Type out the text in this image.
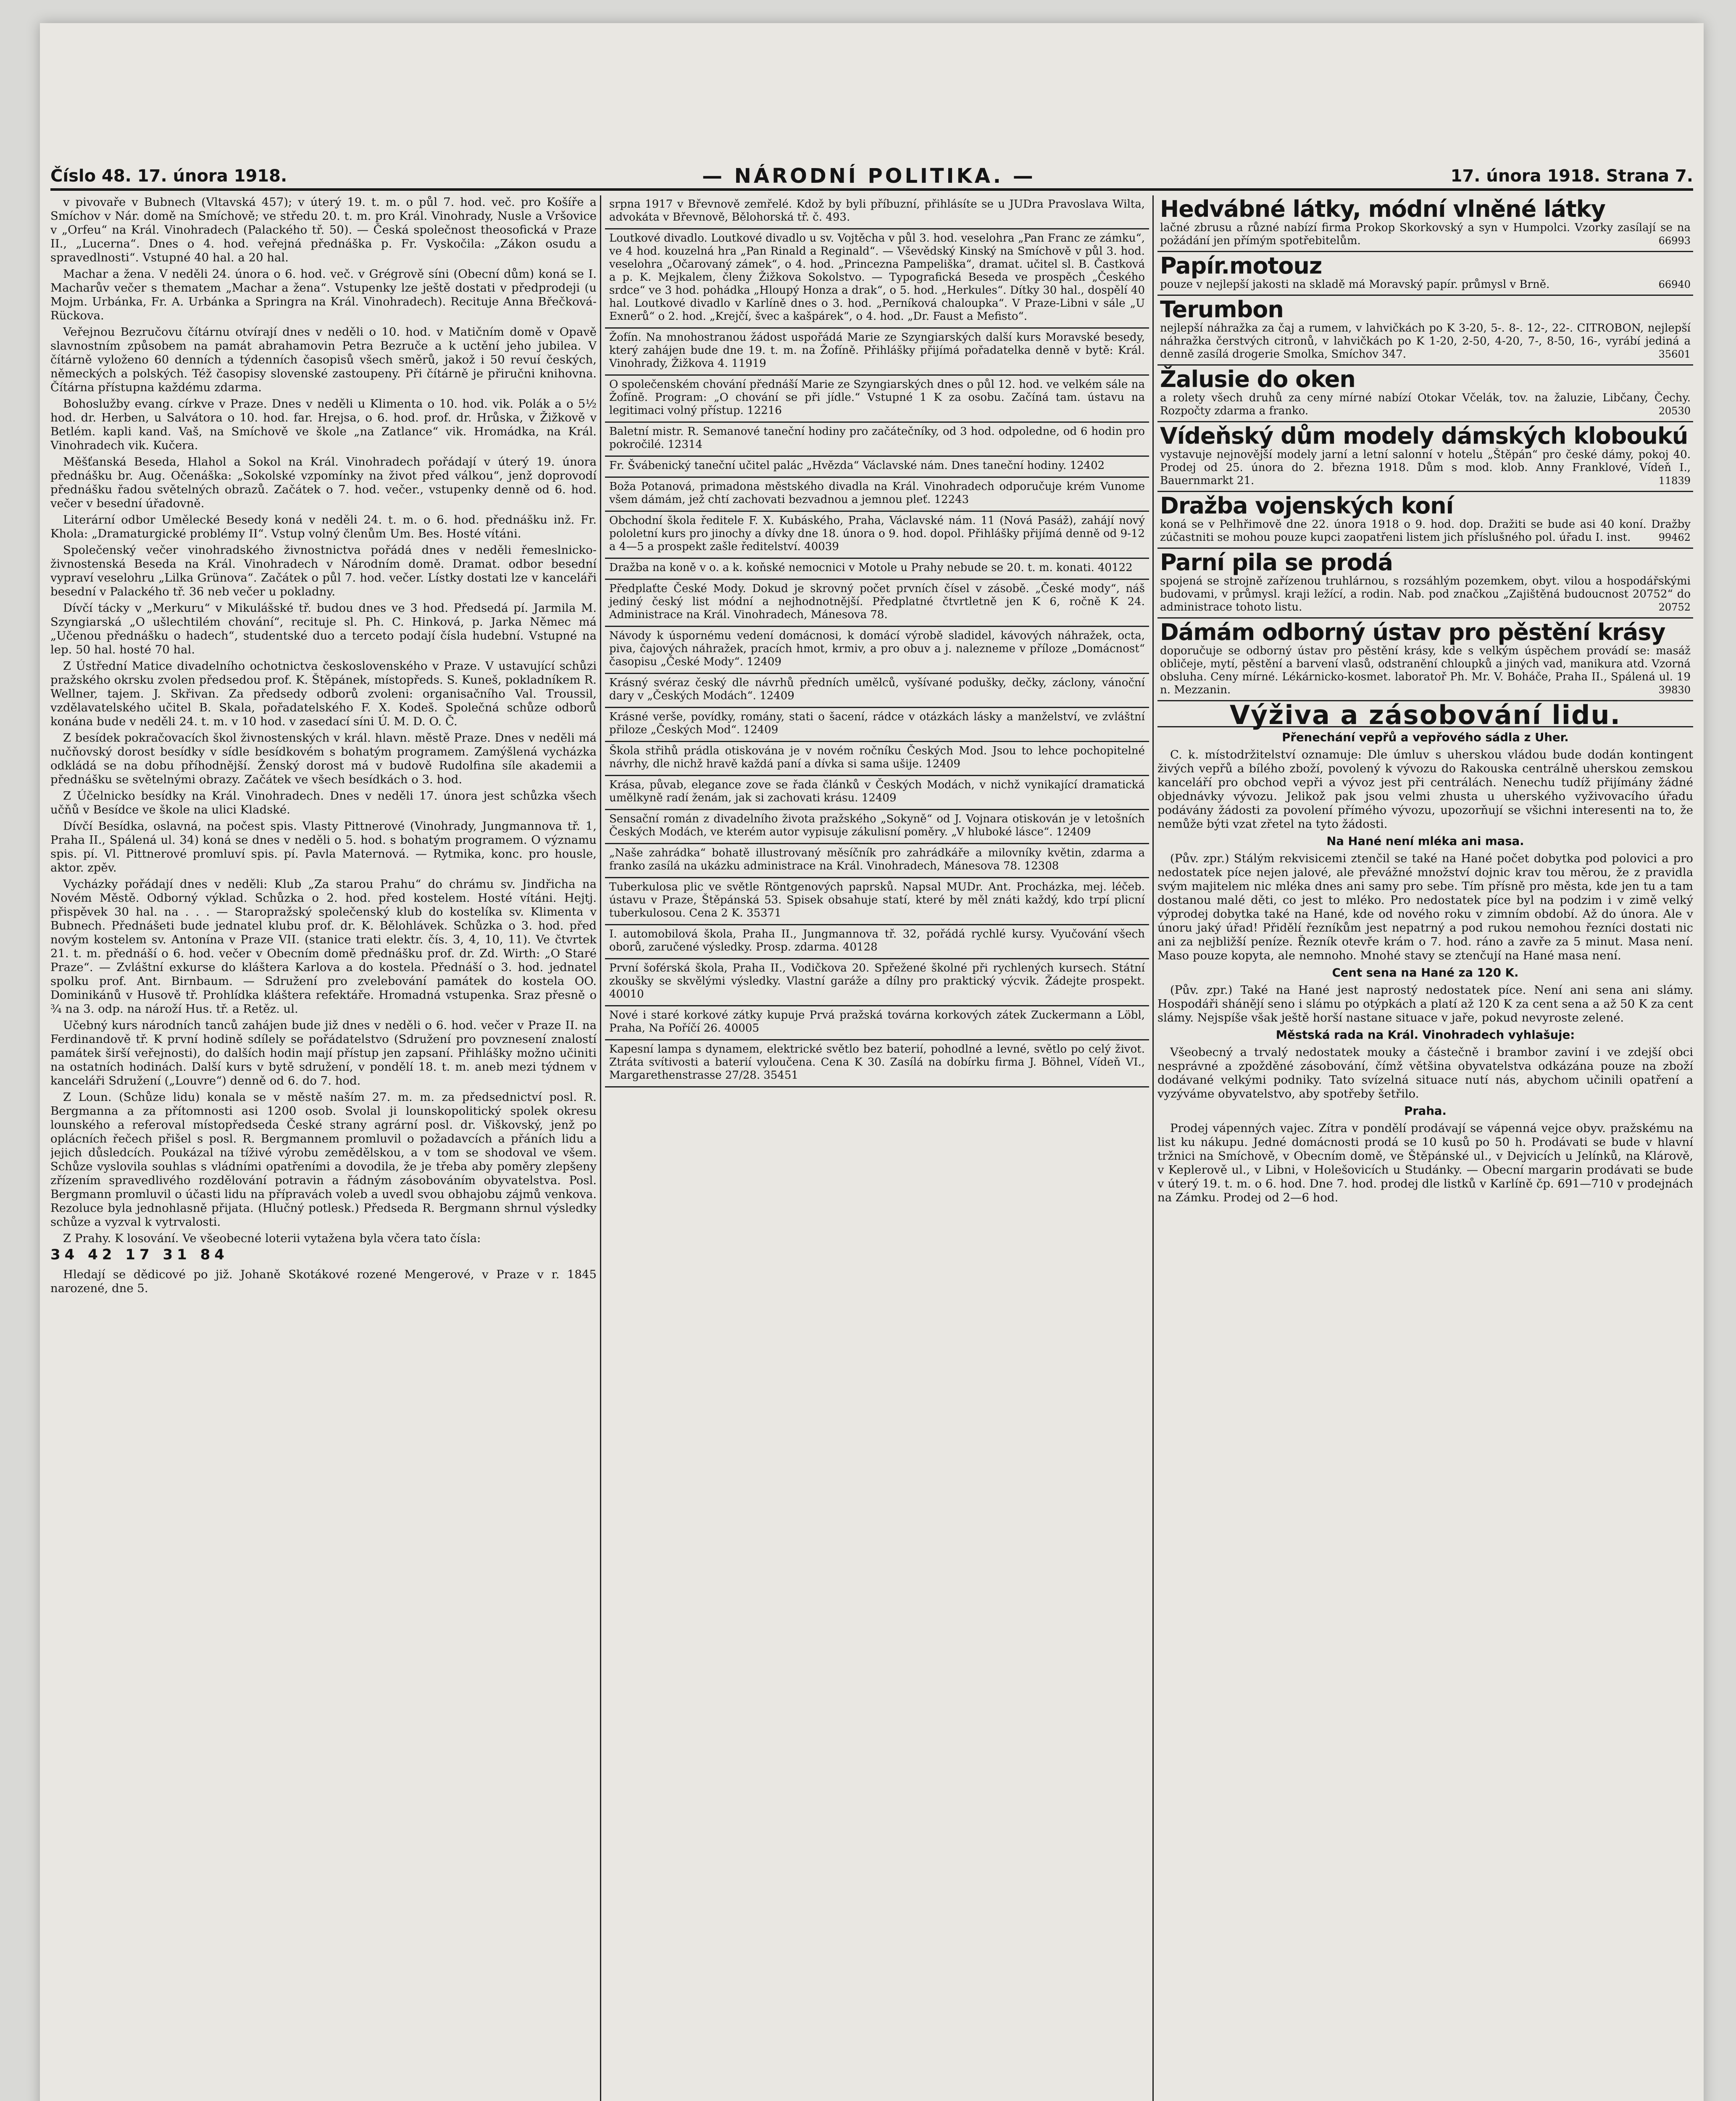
Číslo 48. 17. února 1918.	— NÁRODNÍ POLITIKA. —	17. února 1918. Strana 7.

v pivovaře v Bubnech (Vltavská 457); v úterý 19. t. m. o půl 7. hod. več. pro Košíře a Smíchov v Nár. domě na Smíchově; ve středu 20. t. m. pro Král. Vinohrady, Nusle a Vršovice v „Orfeu“ na Král. Vinohradech (Palackého tř. 50). — Česká společnost theosofická v Praze II., „Lucerna“. Dnes o 4. hod. veřejná přednáška p. Fr. Vyskočila: „Zákon osudu a spravedlnosti“. Vstupné 40 hal. a 20 hal.

Machar a žena. V neděli 24. února o 6. hod. več. v Grégrově síni (Obecní dům) koná se I. Macharův večer s thematem „Machar a žena“. Vstupenky lze ještě dostati v předprodeji (u Mojm. Urbánka, Fr. A. Urbánka a Springra na Král. Vinohradech). Recituje Anna Břečková-Rückova.

Veřejnou Bezručovu čítárnu otvírají dnes v neděli o 10. hod. v Matičním domě v Opavě slavnostním způsobem na památ abrahamovin Petra Bezruče a k uctění jeho jubilea. V čítárně vyloženo 60 denních a týdenních časopisů všech směrů, jakož i 50 revuí českých, německých a polských. Též časopisy slovenské zastoupeny. Při čítárně je přiručni knihovna. Čítárna přístupna každému zdarma.

Bohoslužby evang. církve v Praze. Dnes v neděli u Klimenta o 10. hod. vik. Polák a o 5½ hod. dr. Herben, u Salvátora o 10. hod. far. Hrejsa, o 6. hod. prof. dr. Hrůska, v Žižkově v Betlém. kapli kand. Vaš, na Smíchově ve škole „na Zatlance“ vik. Hromádka, na Král. Vinohradech vik. Kučera.

Měšťanská Beseda, Hlahol a Sokol na Král. Vinohradech pořádají v úterý 19. února přednášku br. Aug. Očenáška: „Sokolské vzpomínky na život před válkou“, jenž doprovodí přednášku řadou světelných obrazů. Začátek o 7. hod. večer., vstupenky denně od 6. hod. večer v besední úřadovně.

Literární odbor Umělecké Besedy koná v neděli 24. t. m. o 6. hod. přednášku inž. Fr. Khola: „Dramaturgické problémy II“. Vstup volný členům Um. Bes. Hosté vítáni.

Společenský večer vinohradského živnostnictva pořádá dnes v neděli řemeslnicko-živnostenská Beseda na Král. Vinohradech v Národním domě. Dramat. odbor besední vypraví veselohru „Lilka Grünova“. Začátek o půl 7. hod. večer. Lístky dostati lze v kanceláři besední v Palackého tř. 36 neb večer u pokladny.

Dívčí tácky v „Merkuru“ v Mikulášské tř. budou dnes ve 3 hod. Předsedá pí. Jarmila M. Szyngiarská „O ušlechtilém chování“, recituje sl. Ph. C. Hinková, p. Jarka Němec má „Učenou přednášku o hadech“, studentské duo a terceto podají čísla hudební. Vstupné na lep. 50 hal. hosté 70 hal.

Z Ústřední Matice divadelního ochotnictva československého v Praze. V ustavující schůzi pražského okrsku zvolen předsedou prof. K. Štěpánek, místopředs. S. Kuneš, pokladníkem R. Wellner, tajem. J. Skřivan. Za předsedy odborů zvoleni: organisačního Val. Troussil, vzdělavatelského učitel B. Skala, pořadatelského F. X. Kodeš. Společná schůze odborů konána bude v neděli 24. t. m. v 10 hod. v zasedací síni Ú. M. D. O. Č.

Z besídek pokračovacích škol živnostenských v král. hlavn. městě Praze. Dnes v neděli má nučňovský dorost besídky v sídle besídkovém s bohatým programem. Zamýšlená vycházka odkládá se na dobu příhodnější. Ženský dorost má v budově Rudolfina síle akademii a přednášku se světelnými obrazy. Začátek ve všech besídkách o 3. hod.

Z Účelnicko besídky na Král. Vinohradech. Dnes v neděli 17. února jest schůzka všech učňů v Besídce ve škole na ulici Kladské.

Dívčí Besídka, oslavná, na počest spis. Vlasty Pittnerové (Vinohrady, Jungmannova tř. 1, Praha II., Spálená ul. 34) koná se dnes v neděli o 5. hod. s bohatým programem. O významu spis. pí. Vl. Pittnerové promluví spis. pí. Pavla Maternová. — Rytmika, konc. pro housle, aktor. zpěv.

Vycházky pořádají dnes v neděli: Klub „Za starou Prahu“ do chrámu sv. Jindřicha na Novém Městě. Odborný výklad. Schůzka o 2. hod. před kostelem. Hosté vítáni. Hejtj. přispěvek 30 hal. na . . . — Staropražský společenský klub do kostelíka sv. Klimenta v Bubnech. Přednášeti bude jednatel klubu prof. dr. K. Bělohlávek. Schůzka o 3. hod. před novým kostelem sv. Antonína v Praze VII. (stanice trati elektr. čís. 3, 4, 10, 11). Ve čtvrtek 21. t. m. přednáší o 6. hod. večer v Obecním domě přednášku prof. dr. Zd. Wirth: „O Staré Praze“. — Zvláštní exkurse do kláštera Karlova a do kostela. Přednáší o 3. hod. jednatel spolku prof. Ant. Birnbaum. — Sdružení pro zvelebování památek do kostela OO. Dominikánů v Husově tř. Prohlídka kláštera refektáře. Hromadná vstupenka. Sraz přesně o ¾ na 3. odp. na nároží Hus. tř. a Retěz. ul.

Učebný kurs národních tanců zahájen bude již dnes v neděli o 6. hod. večer v Praze II. na Ferdinandově tř. K první hodině sdílely se pořádatelstvo (Sdružení pro povznesení znalostí památek širší veřejnosti), do dalších hodin mají přístup jen zapsaní. Přihlášky možno učiniti na ostatních hodinách. Další kurs v bytě sdružení, v pondělí 18. t. m. aneb mezi týdnem v kanceláři Sdružení („Louvre“) denně od 6. do 7. hod.

Z Loun. (Schůze lidu) konala se v městě naším 27. m. m. za předsednictví posl. R. Bergmanna a za přítomnosti asi 1200 osob. Svolal ji lounskopolitický spolek okresu lounského a referoval místopředseda České strany agrární posl. dr. Viškovský, jenž po oplácních řečech přišel s posl. R. Bergmannem promluvil o požadavcích a přáních lidu a jejich důsledcích. Poukázal na tíživé výrobu zemědělskou, a v tom se shodoval ve všem. Schůze vyslovila souhlas s vládními opatřeními a dovodila, že je třeba aby poměry zlepšeny zřízením spravedlivého rozdělování potravin a řádným zásobováním obyvatelstva. Posl. Bergmann promluvil o účasti lidu na přípravách voleb a uvedl svou obhajobu zájmů venkova. Rezoluce byla jednohlasně přijata. (Hlučný potlesk.) Předseda R. Bergmann shrnul výsledky schůze a vyzval k vytrvalosti.

Z Prahy. K losování. Ve všeobecné loterii vytažena byla včera tato čísla:

34 42 17 31 84

Hledají se dědicové po již. Johaně Skotákové rozené Mengerové, v Praze v r. 1845 narozené, dne 5.

srpna 1917 v Břevnově zemřelé. Kdož by byli příbuzní, přihlásíte se u JUDra Pravoslava Wilta, advokáta v Břevnově, Bělohorská tř. č. 493.
Loutkové divadlo. Loutkové divadlo u sv. Vojtěcha v půl 3. hod. veselohra „Pan Franc ze zámku“, ve 4 hod. kouzelná hra „Pan Rinald a Reginald“. — Vševědský Kinský na Smíchově v půl 3. hod. veselohra „Očarovaný zámek“, o 4. hod. „Princezna Pampeliška“, dramat. učitel sl. B. Častková a p. K. Mejkalem, členy Žižkova Sokolstvo. — Typografická Beseda ve prospěch „Českého srdce“ ve 3 hod. pohádka „Hloupý Honza a drak“, o 5. hod. „Herkules“. Dítky 30 hal., dospělí 40 hal. Loutkové divadlo v Karlíně dnes o 3. hod. „Perníková chaloupka“. V Praze-Libni v sále „U Exnerů“ o 2. hod. „Krejčí, švec a kašpárek“, o 4. hod. „Dr. Faust a Mefisto“.
Žofín. Na mnohostranou žádost uspořádá Marie ze Szyngiarských další kurs Moravské besedy, který zahájen bude dne 19. t. m. na Žofíně. Přihlášky přijímá pořadatelka denně v bytě: Král. Vinohrady, Žižkova 4. 11919
O společenském chování přednáší Marie ze Szyngiarských dnes o půl 12. hod. ve velkém sále na Žofíně. Program: „O chování se při jídle.“ Vstupné 1 K za osobu. Začíná tam. ústavu na legitimaci volný přístup. 12216
Baletní mistr. R. Semanové taneční hodiny pro začátečníky, od 3 hod. odpoledne, od 6 hodin pro pokročilé. 12314
Fr. Švábenický taneční učitel palác „Hvězda“ Václavské nám. Dnes taneční hodiny. 12402
Boža Potanová, primadona městského divadla na Král. Vinohradech odporučuje krém Vunome všem dámám, jež chtí zachovati bezvadnou a jemnou pleť. 12243
Obchodní škola ředitele F. X. Kubáského, Praha, Václavské nám. 11 (Nová Pasáž), zahájí nový pololetní kurs pro jinochy a dívky dne 18. února o 9. hod. dopol. Přihlášky přijímá denně od 9-12 a 4—5 a prospekt zašle ředitelství. 40039
Dražba na koně v o. a k. koňské nemocnici v Motole u Prahy nebude se 20. t. m. konati. 40122
Předplaťte České Mody. Dokud je skrovný počet prvních čísel v zásobě. „České mody“, náš jediný český list módní a nejhodnotnější. Předplatné čtvrtletně jen K 6, ročně K 24. Administrace na Král. Vinohradech, Mánesova 78.
Návody k úspornému vedení domácnosi, k domácí výrobě sladidel, kávových náhražek, octa, piva, čajových náhražek, pracích hmot, krmiv, a pro obuv a j. nalezneme v příloze „Domácnost“ časopisu „České Mody“. 12409
Krásný svéraz český dle návrhů předních umělců, vyšívané podušky, dečky, záclony, vánoční dary v „Českých Modách“. 12409
Krásné verše, povídky, romány, stati o šacení, rádce v otázkách lásky a manželství, ve zvláštní přiloze „Českých Mod“. 12409
Škola střihů prádla otiskována je v novém ročníku Českých Mod. Jsou to lehce pochopitelné návrhy, dle nichž hravě každá paní a dívka si sama ušije. 12409
Krása, půvab, elegance zove se řada článků v Českých Modách, v nichž vynikající dramatická umělkyně radí ženám, jak si zachovati krásu. 12409
Sensační román z divadelního života pražského „Sokyně“ od J. Vojnara otiskován je v letošních Českých Modách, ve kterém autor vypisuje zákulisní poměry. „V hluboké lásce“. 12409
„Naše zahrádka“ bohatě illustrovaný měsíčník pro zahrádkáře a milovníky květin, zdarma a franko zasílá na ukázku administrace na Král. Vinohradech, Mánesova 78. 12308
Tuberkulosa plic ve světle Röntgenových paprsků. Napsal MUDr. Ant. Procházka, mej. léčeb. ústavu v Praze, Štěpánská 53. Spisek obsahuje statí, které by měl znáti každý, kdo trpí plicní tuberkulosou. Cena 2 K. 35371
I. automobilová škola, Praha II., Jungmannova tř. 32, pořádá rychlé kursy. Vyučování všech oborů, zaručené výsledky. Prosp. zdarma. 40128
První šoférská škola, Praha II., Vodičkova 20. Spřežené školné při rychlených kursech. Státní zkoušky se skvělými výsledky. Vlastní garáže a dílny pro praktický výcvik. Žádejte prospekt. 40010
Nové i staré korkové zátky kupuje Prvá pražská továrna korkových zátek Zuckermann a Löbl, Praha, Na Poříčí 26. 40005
Kapesní lampa s dynamem, elektrické světlo bez baterií, pohodlné a levné, světlo po celý život. Ztráta svítivosti a baterií vyloučena. Cena K 30. Zasílá na dobírku firma J. Böhnel, Vídeň VI., Margarethenstrasse 27/28. 35451
Hedvábné látky, módní vlněné látky
lačné zbrusu a různé nabízí firma Prokop Skorkovský a syn v Humpolci. Vzorky zasílají se na požádání jen přímým spotřebitelům.	66993
Papír.motouz
pouze v nejlepší jakosti na skladě má Moravský papír. průmysl v Brně.	66940
Terumbon
nejlepší náhražka za čaj a rumem, v lahvičkách po K 3-20, 5-. 8-. 12-, 22-. CITROBON, nejlepší náhražka čerstvých citronů, v lahvičkách po K 1-20, 2-50, 4-20, 7-, 8-50, 16-, vyrábí jediná a denně zasílá drogerie Smolka, Smíchov 347.	35601
Žalusie do oken
a rolety všech druhů za ceny mírné nabízí Otokar Včelák, tov. na žaluzie, Libčany, Čechy. Rozpočty zdarma a franko.	20530
Vídeňský dům modely dámských kloboukú
vystavuje nejnovější modely jarní a letní salonní v hotelu „Štěpán“ pro české dámy, pokoj 40. Prodej od 25. února do 2. března 1918. Dům s mod. klob. Anny Franklové, Vídeň I., Bauernmarkt 21.	11839
Dražba vojenských koní
koná se v Pelhřimově dne 22. února 1918 o 9. hod. dop. Dražiti se bude asi 40 koní. Dražby zúčastniti se mohou pouze kupci zaopatřeni listem jich příslušného pol. úřadu I. inst.	99462
Parní pila se prodá
spojená se strojně zařízenou truhlárnou, s rozsáhlým pozemkem, obyt. vilou a hospodářskými budovami, v průmysl. kraji ležící, a rodin. Nab. pod značkou „Zajištěná budoucnost 20752“ do administrace tohoto listu.	20752
Dámám odborný ústav pro pěstění krásy
doporučuje se odborný ústav pro pěstění krásy, kde s velkým úspěchem provádí se: masáž obličeje, mytí, pěstění a barvení vlasů, odstranění chloupků a jiných vad, manikura atd. Vzorná obsluha. Ceny mírné. Lékárnicko-kosmet. laboratoř Ph. Mr. V. Boháče, Praha II., Spálená ul. 19 n. Mezzanin.	39830
Výživa a zásobování lidu.
Přenechání vepřů a vepřového sádla z Uher.

C. k. místodržitelství oznamuje: Dle úmluv s uherskou vládou bude dodán kontingent živých vepřů a bílého zboží, povolený k vývozu do Rakouska centrálně uherskou zemskou kanceláří pro obchod vepři a vývoz jest při centrálách. Nenechu tudíž přijímány žádné objednávky vývozu. Jelikož pak jsou velmi zhusta u uherského vyživovacího úřadu podávány žádosti za povolení přímého vývozu, upozorňují se všichni interesenti na to, že nemůže býti vzat zřetel na tyto žádosti.

Na Hané není mléka ani masa.

(Pův. zpr.) Stálým rekvisicemi ztenčil se také na Hané počet dobytka pod polovici a pro nedostatek píce nejen jalové, ale převážné množství dojnic krav tou měrou, že z pravidla svým majitelem nic mléka dnes ani samy pro sebe. Tím přísně pro města, kde jen tu a tam dostanou malé děti, co jest to mléko. Pro nedostatek píce byl na podzim i v zimě velký výprodej dobytka také na Hané, kde od nového roku v zimním období. Až do února. Ale v únoru jaký úřad! Přidělí řezníkům jest nepatrný a pod rukou nemohou řezníci dostati nic ani za nejbližší peníze. Řezník otevře krám o 7. hod. ráno a zavře za 5 minut. Masa není. Maso pouze kopyta, ale nemnoho. Mnohé stavy se ztenčují na Hané masa není.

Cent sena na Hané za 120 K.

(Pův. zpr.) Také na Hané jest naprostý nedostatek píce. Není ani sena ani slámy. Hospodáři shánějí seno i slámu po otýpkách a platí až 120 K za cent sena a až 50 K za cent slámy. Nejspíše však ještě horší nastane situace v jaře, pokud nevyroste zelené.

Městská rada na Král. Vinohradech vyhlašuje:

Všeobecný a trvalý nedostatek mouky a částečně i brambor zaviní i ve zdejší obci nesprávné a zpožděné zásobování, čímž většina obyvatelstva odkázána pouze na zboží dodávané velkými podniky. Tato svízelná situace nutí nás, abychom učinili opatření a vyzýváme obyvatelstvo, aby spotřeby šetřilo.

Praha.

Prodej vápenných vajec. Zítra v pondělí prodávají se vápenná vejce obyv. pražskému na list ku nákupu. Jedné domácnosti prodá se 10 kusů po 50 h. Prodávati se bude v hlavní tržnici na Smíchově, v Obecním domě, ve Štěpánské ul., v Dejvicích u Jelínků, na Klárově, v Keplerově ul., v Libni, v Holešovicích u Studánky. — Obecní margarin prodávati se bude v úterý 19. t. m. o 6. hod. Dne 7. hod. prodej dle listků v Karlíně čp. 691—710 v prodejnách na Zámku. Prodej od 2—6 hod.
